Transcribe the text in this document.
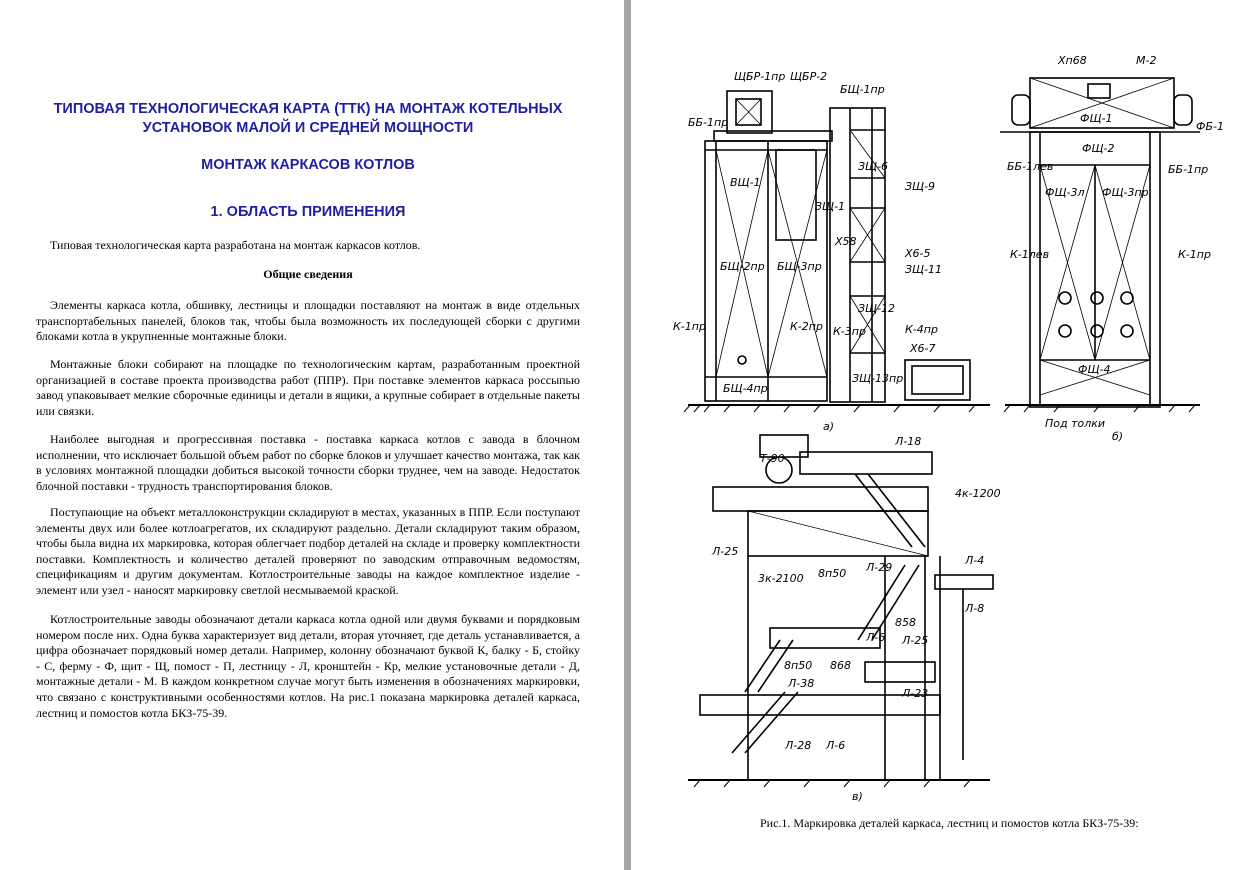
ТИПОВАЯ ТЕХНОЛОГИЧЕСКАЯ КАРТА (ТТК) НА МОНТАЖ КОТЕЛЬНЫХ УСТАНОВОК МАЛОЙ И СРЕДНЕЙ МОЩНОСТИ
МОНТАЖ КАРКАСОВ КОТЛОВ
1. ОБЛАСТЬ ПРИМЕНЕНИЯ
Типовая технологическая карта разработана на монтаж каркасов котлов.
Общие сведения
Элементы каркаса котла, обшивку, лестницы и площадки поставляют на монтаж в виде отдельных транспортабельных панелей, блоков так, чтобы была возможность их последующей сборки с другими блоками котла в укрупненные монтажные блоки.
Монтажные блоки собирают на площадке по технологическим картам, разработанным проектной организацией в составе проекта производства работ (ППР). При поставке элементов каркаса россыпью завод упаковывает мелкие сборочные единицы и детали в ящики, а крупные собирает в отдельные пакеты или связки.
Наиболее выгодная и прогрессивная поставка - поставка каркаса котлов с завода в блочном исполнении, что исключает большой объем работ по сборке блоков и улучшает качество монтажа, так как в условиях монтажной площадки добиться высокой точности сборки труднее, чем на заводе. Недостаток блочной поставки - трудность транспортирования блоков.
Поступающие на объект металлоконструкции складируют в местах, указанных в ППР. Если поступают элементы двух или более котлоагрегатов, их складируют раздельно. Детали складируют таким образом, чтобы была видна их маркировка, которая облегчает подбор деталей на складе и проверку комплектности поставки. Комплектность и количество деталей проверяют по заводским отправочным ведомостям, спецификациям и другим документам. Котлостроительные заводы на каждое комплектное изделие - элемент или узел - наносят маркировку светлой несмываемой краской.
Котлостроительные заводы обозначают детали каркаса котла одной или двумя буквами и порядковым номером после них. Одна буква характеризует вид детали, вторая уточняет, где деталь устанавливается, а цифра обозначает порядковый номер детали. Например, колонну обозначают буквой К, балку - Б, стойку - С, ферму - Ф, щит - Щ, помост - П, лестницу - Л, кронштейн - Кр, мелкие установочные детали - Д, монтажные детали - М. В каждом конкретном случае могут быть изменения в обозначениях маркировки, что связано с конструктивными особенностями котлов. На рис.1 показана маркировка деталей каркаса, лестниц и помостов котла БКЗ-75-39.
ЩБР-1пр ЩБР-2
БЩ-1пр
ББ-1пр
ВЩ-1
ЗЩ-1
ЗЩ-6
ЗЩ-9
Х58
Х6-5
ЗЩ-11
БЩ-2пр БЩ-3пр
К-1пр	К-2пр
ЗЩ-12
К-3пр	К-4пр
Х6-7
БЩ-4пр
ЗЩ-13пр
а)
Хп68	М-2
ФЩ-1
ФБ-1
ФЩ-2
ББ-1лев	ББ-1пр
ФЩ-3л ФЩ-3пр
К-1лев	К-1пр
ФЩ-4
Под толки
б)
Л-18
Т-90
4к-1200
Л-25
3к-2100 8п50 Л-29
Л-4
Л-8
858
Л-6 Л-25
8п50 868
Л-38
Л-23
Л-28 Л-6
в)
Рис.1. Маркировка деталей каркаса, лестниц и помостов котла БКЗ-75-39:
